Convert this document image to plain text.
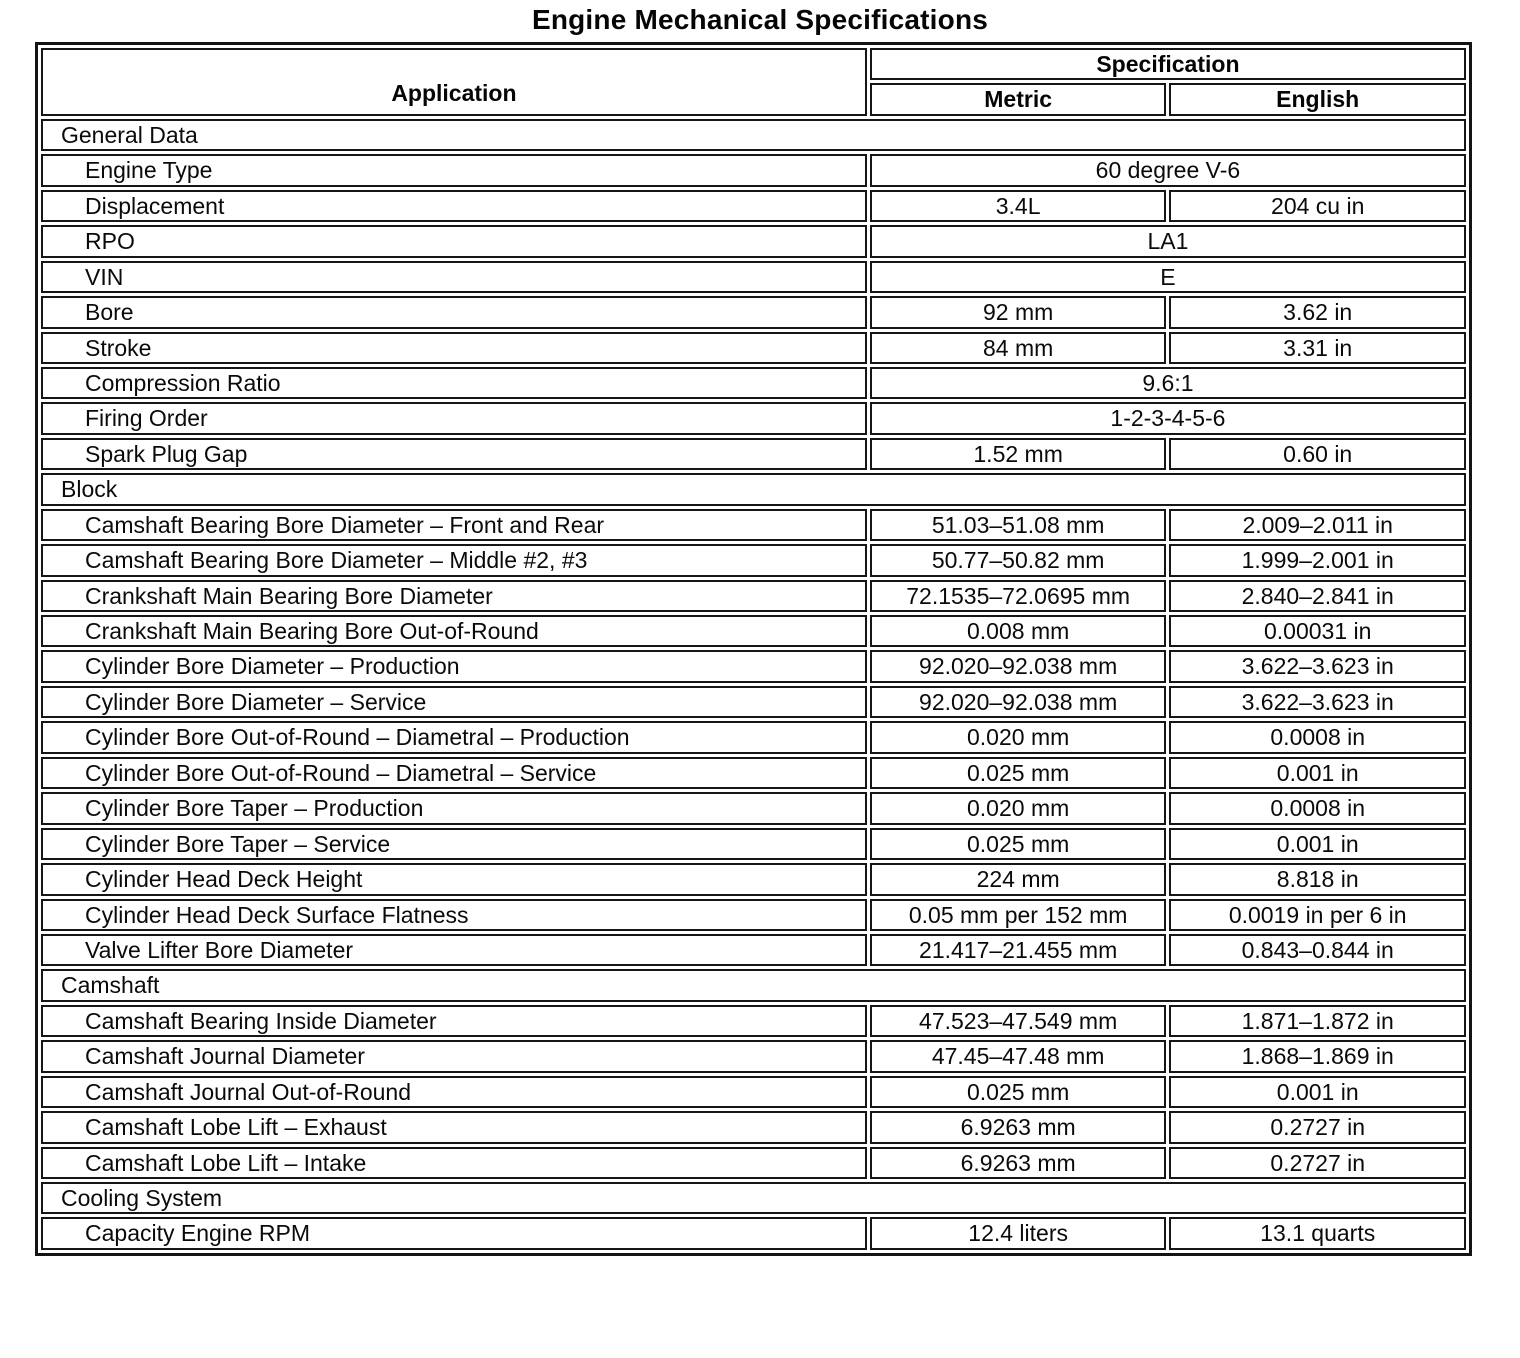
Engine Mechanical Specifications
Application	Specification	
	Metric	English
General Data		
Engine Type	60 degree V-6	
Displacement	3.4L	204 cu in
RPO	LA1	
VIN	E	
Bore	92 mm	3.62 in
Stroke	84 mm	3.31 in
Compression Ratio	9.6:1	
Firing Order	1-2-3-4-5-6	
Spark Plug Gap	1.52 mm	0.60 in
Block		
Camshaft Bearing Bore Diameter – Front and Rear	51.03–51.08 mm	2.009–2.011 in
Camshaft Bearing Bore Diameter – Middle #2, #3	50.77–50.82 mm	1.999–2.001 in
Crankshaft Main Bearing Bore Diameter	72.1535–72.0695 mm	2.840–2.841 in
Crankshaft Main Bearing Bore Out-of-Round	0.008 mm	0.00031 in
Cylinder Bore Diameter – Production	92.020–92.038 mm	3.622–3.623 in
Cylinder Bore Diameter – Service	92.020–92.038 mm	3.622–3.623 in
Cylinder Bore Out-of-Round – Diametral – Production	0.020 mm	0.0008 in
Cylinder Bore Out-of-Round – Diametral – Service	0.025 mm	0.001 in
Cylinder Bore Taper – Production	0.020 mm	0.0008 in
Cylinder Bore Taper – Service	0.025 mm	0.001 in
Cylinder Head Deck Height	224 mm	8.818 in
Cylinder Head Deck Surface Flatness	0.05 mm per 152 mm	0.0019 in per 6 in
Valve Lifter Bore Diameter	21.417–21.455 mm	0.843–0.844 in
Camshaft		
Camshaft Bearing Inside Diameter	47.523–47.549 mm	1.871–1.872 in
Camshaft Journal Diameter	47.45–47.48 mm	1.868–1.869 in
Camshaft Journal Out-of-Round	0.025 mm	0.001 in
Camshaft Lobe Lift – Exhaust	6.9263 mm	0.2727 in
Camshaft Lobe Lift – Intake	6.9263 mm	0.2727 in
Cooling System		
Capacity Engine RPM	12.4 liters	13.1 quarts
